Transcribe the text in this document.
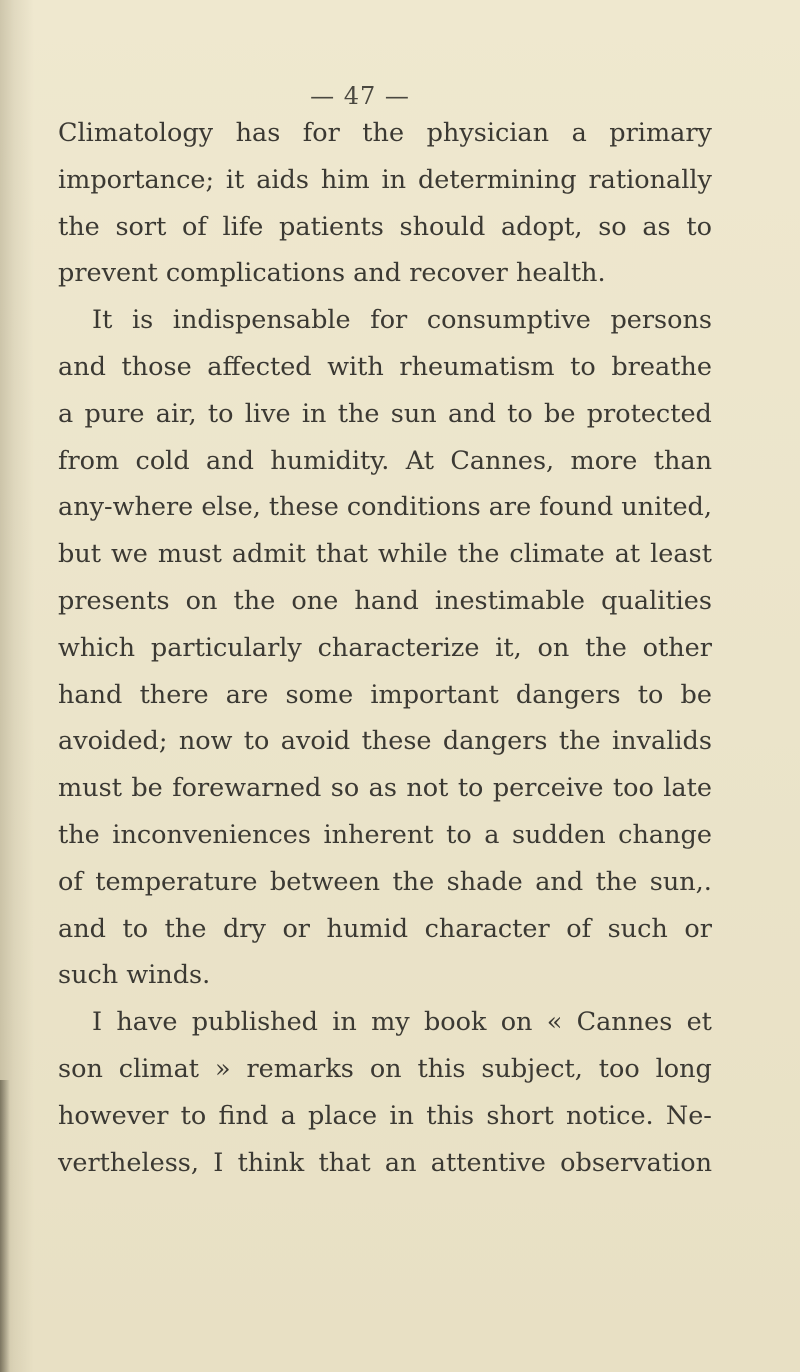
— 47 —
Climatology has for the physician a primary
importance; it aids him in determining rationally
the sort of life patients should adopt, so as to
prevent complications and recover health.
It is indispensable for consumptive persons
and those affected with rheumatism to breathe
a pure air, to live in the sun and to be protected
from cold and humidity. At Cannes, more than
any-where else, these conditions are found united,
but we must admit that while the climate at least
presents on the one hand inestimable qualities
which particularly characterize it, on the other
hand there are some important dangers to be
avoided; now to avoid these dangers the invalids
must be forewarned so as not to perceive too late
the inconveniences inherent to a sudden change
of temperature between the shade and the sun,.
and to the dry or humid character of such or
such winds.
I have published in my book on « Cannes et
son climat » remarks on this subject, too long
however to find a place in this short notice. Ne-
vertheless, I think that an attentive observation
